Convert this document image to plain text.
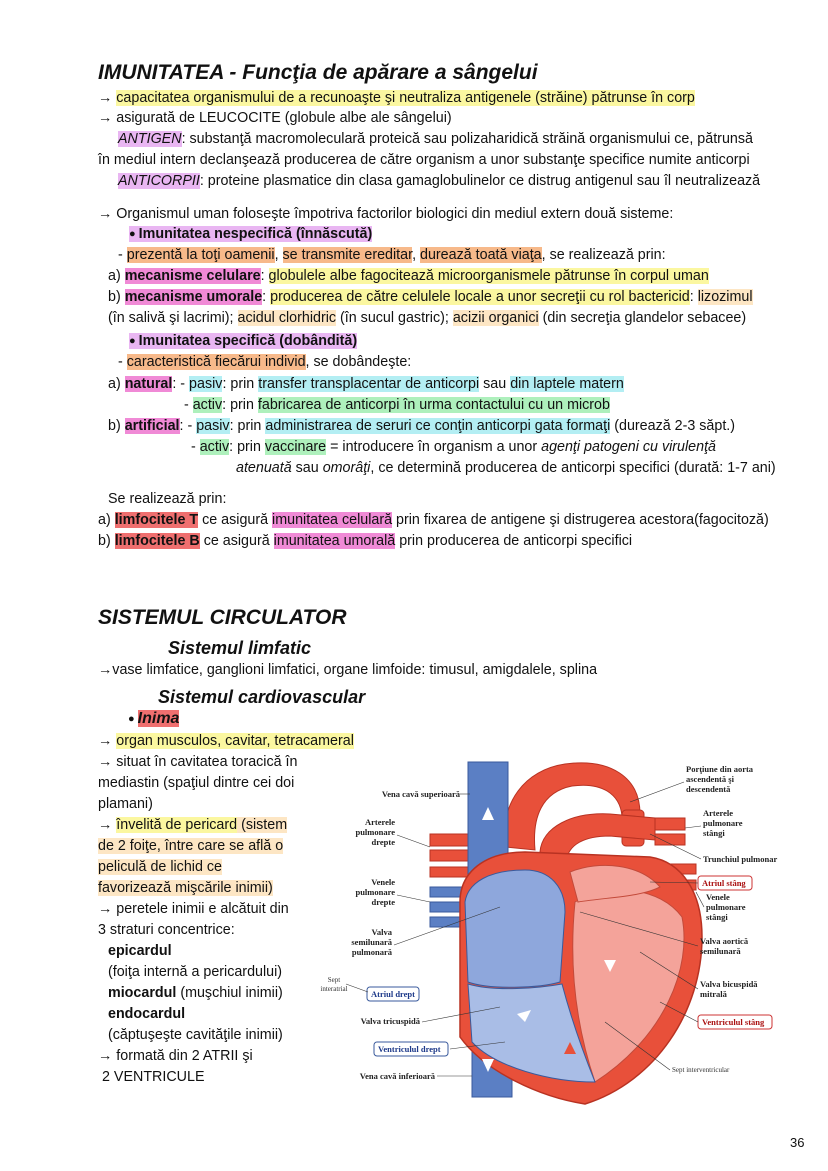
IMUNITATEA - Funcţia de apărare a sângelui
→ capacitatea organismului de a recunoaşte şi neutraliza antigenele (străine) pătrunse în corp
→ asigurată de LEUCOCITE (globule albe ale sângelui)
ANTIGEN: substanţă macromoleculară proteică sau polizaharidică străină organismului ce, pătrunsă
în mediul intern declanşează producerea de către organism a unor substanţe specifice numite anticorpi
ANTICORPII: proteine plasmatice din clasa gamaglobulinelor ce distrug antigenul sau îl neutralizează
→ Organismul uman foloseşte împotriva factorilor biologici din mediul extern două sisteme:
● Imunitatea nespecifică (înnăscută)
- prezentă la toţi oamenii, se transmite ereditar, durează toată viaţa, se realizează prin:
a) mecanisme celulare: globulele albe fagocitează microorganismele pătrunse în corpul uman
b) mecanisme umorale: producerea de către celulele locale a unor secreţii cu rol bactericid: lizozimul
(în salivă şi lacrimi); acidul clorhidric (în sucul gastric); acizii organici (din secreţia glandelor sebacee)
● Imunitatea specifică (dobândită)
- caracteristică fiecărui individ, se dobândeşte:
a) natural: - pasiv: prin transfer transplacentar de anticorpi sau din laptele matern
- activ: prin fabricarea de anticorpi în urma contactului cu un microb
b) artificial: - pasiv: prin administrarea de seruri ce conţin anticorpi gata formaţi (durează 2-3 săpt.)
- activ: prin vaccinare = introducere în organism a unor agenţi patogeni cu virulenţă
atenuată sau omorâţi, ce determină producerea de anticorpi specifici (durată: 1-7 ani)
Se realizează prin:
a) limfocitele T ce asigură imunitatea celulară prin fixarea de antigene şi distrugerea acestora(fagocitoză)
b) limfocitele B ce asigură imunitatea umorală prin producerea de anticorpi specifici
SISTEMUL CIRCULATOR
Sistemul limfatic
→vase limfatice, ganglioni limfatici, organe limfoide: timusul, amigdalele, splina
Sistemul cardiovascular
● Inima
→ organ musculos, cavitar, tetracameral
→ situat în cavitatea toracică în
mediastin (spaţiul dintre cei doi
plamani)
→ învelită de pericard (sistem
de 2 foiţe, între care se află o
peliculă de lichid ce
favorizează mişcările inimii)
→ peretele inimii e alcătuit din
3 straturi concentrice:
epicardul
(foiţa internă a pericardului)
miocardul (muşchiul inimii)
endocardul
(căptuşeşte cavităţile inimii)
→ formată din 2 ATRII şi
2 VENTRICULE
Vena cavă superioară
Arterele
pulmonare
drepte
Venele
pulmonare
drepte
Valva
semilunară
pulmonară
Valva tricuspidă
Vena cavă inferioară
Sept
interatrial	Atriul drept
Ventriculul drept
Porţiune din aorta
ascendentă şi
descendentă
Arterele
pulmonare
stângi
Trunchiul pulmonar
Venele
pulmonare
stângi
Valva aortică
semilunară
Valva bicuspidă
mitrală
Atriul stâng
Ventriculul stâng
Sept interventricular
36
